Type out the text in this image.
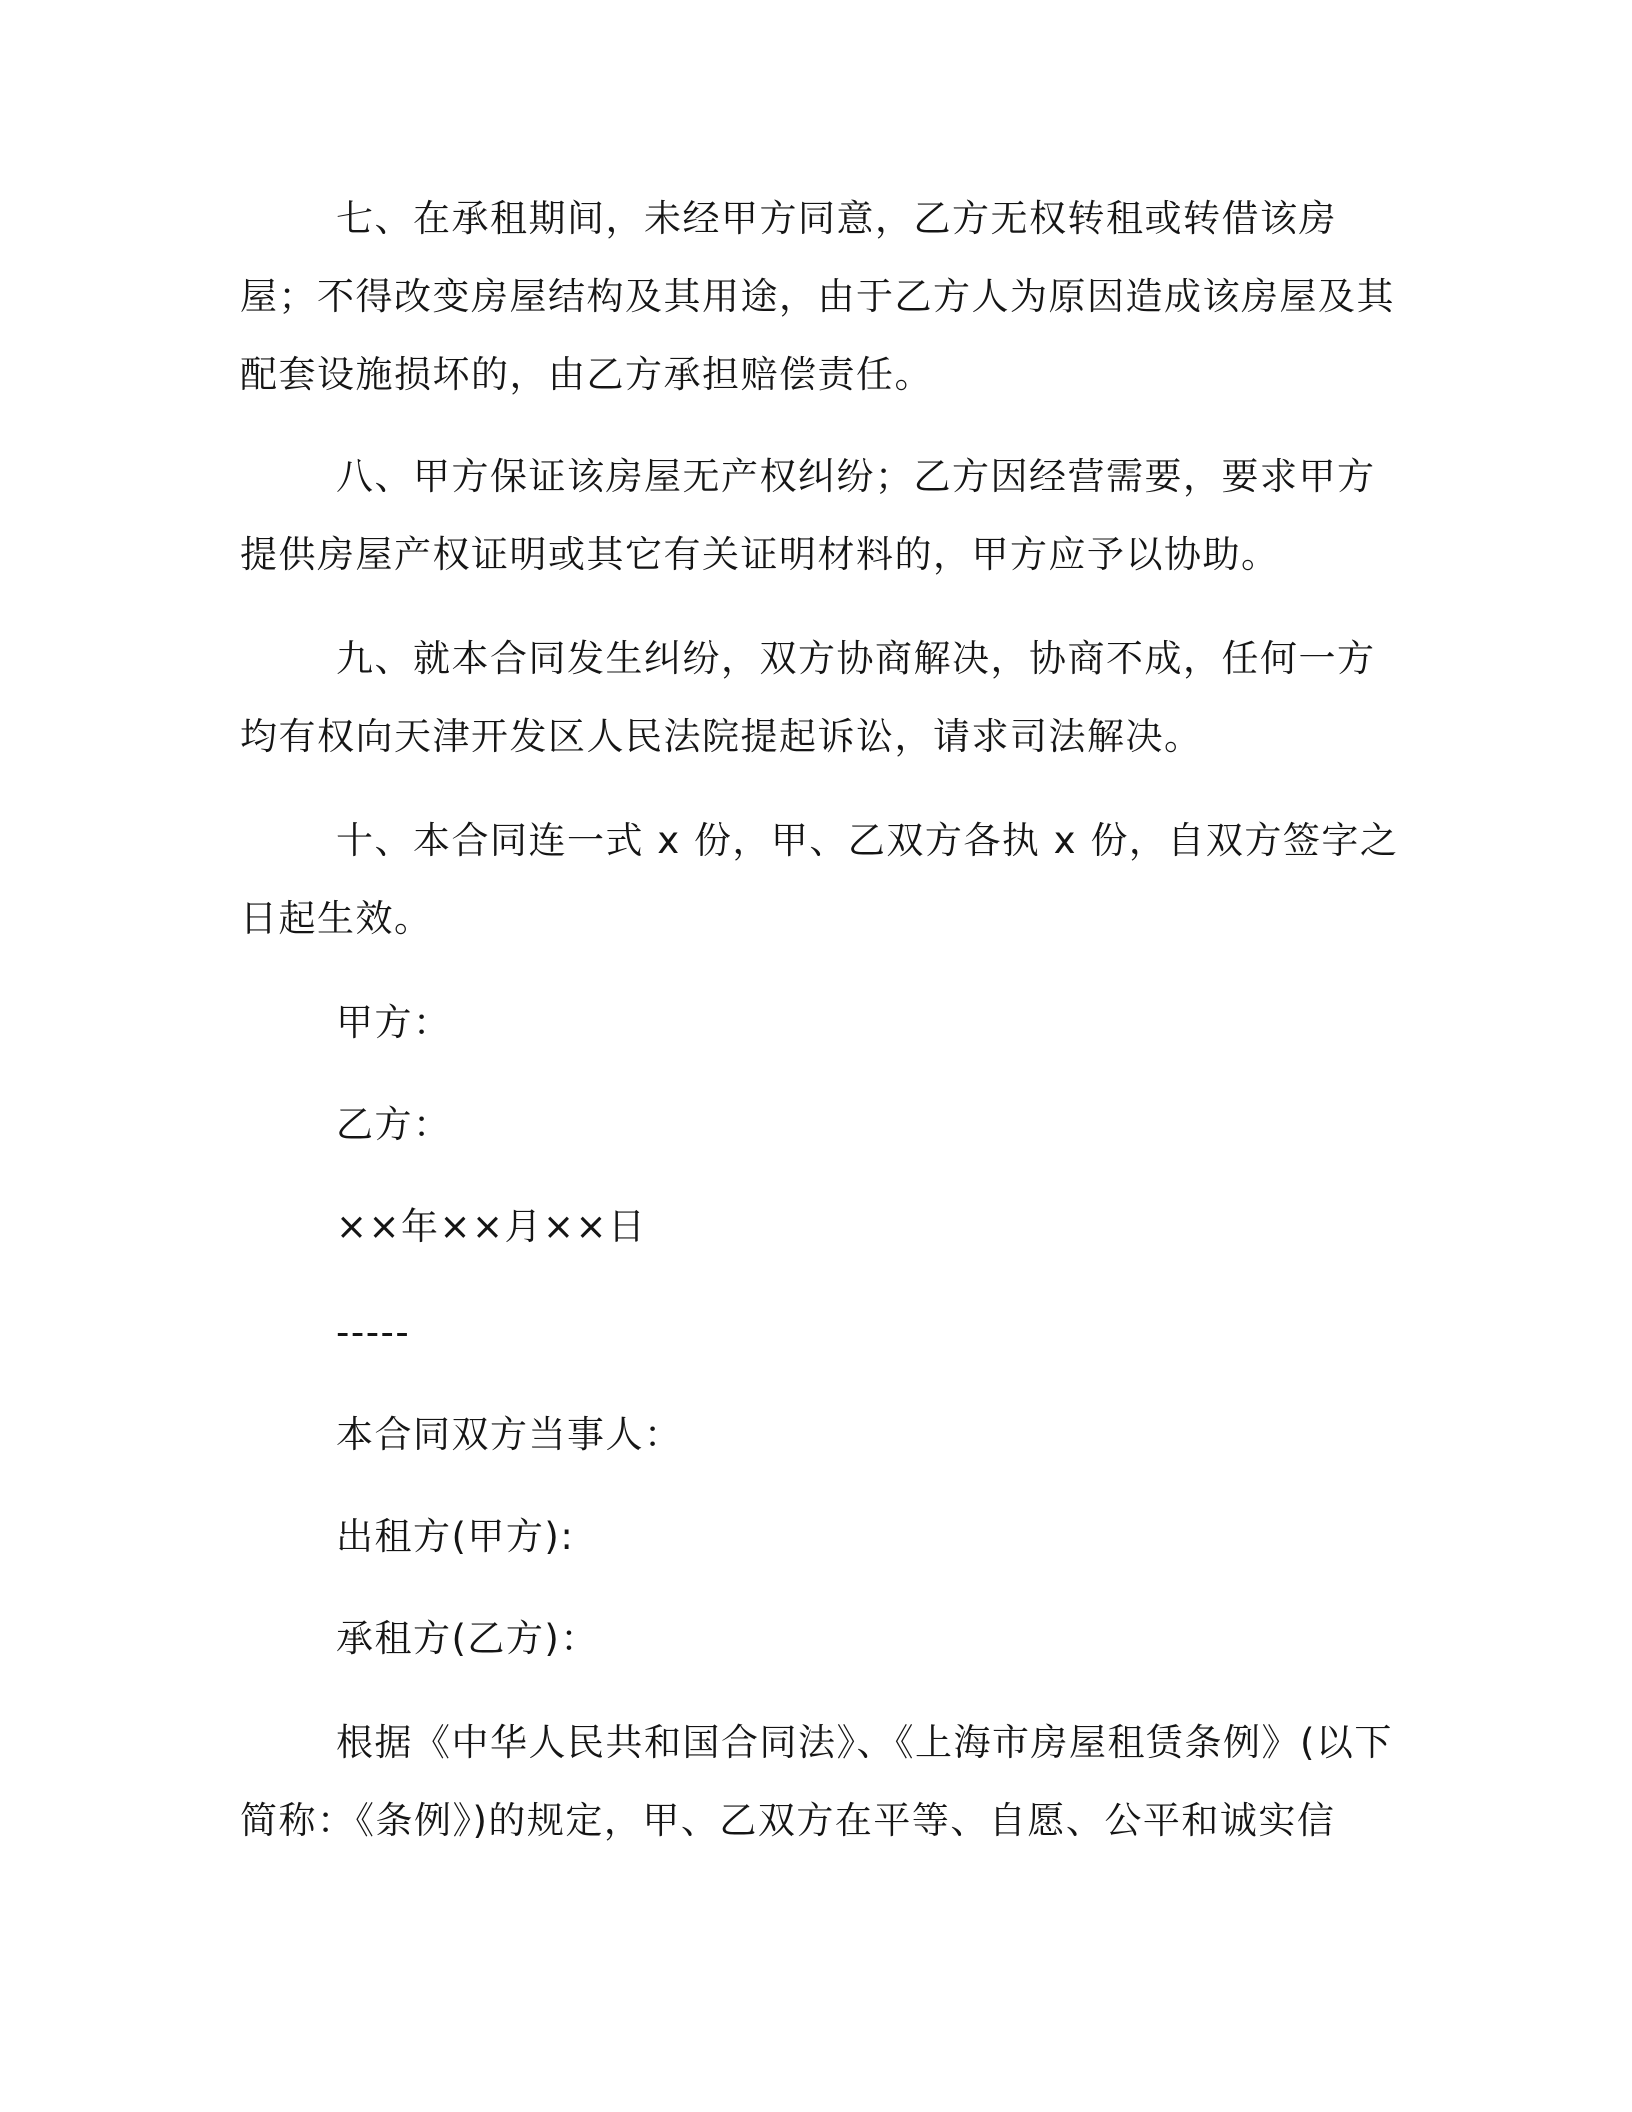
七、在承租期间，未经甲方同意，乙方无权转租或转借该房屋；不得改变房屋结构及其用途，由于乙方人为原因造成该房屋及其配套设施损坏的，由乙方承担赔偿责任。

八、甲方保证该房屋无产权纠纷；乙方因经营需要，要求甲方提供房屋产权证明或其它有关证明材料的，甲方应予以协助。

九、就本合同发生纠纷，双方协商解决，协商不成，任何一方均有权向天津开发区人民法院提起诉讼，请求司法解决。

十、本合同连一式 x 份，甲、乙双方各执 x 份，自双方签字之日起生效。

甲方：

乙方：

××年××月××日

-----

本合同双方当事人：

出租方(甲方):

承租方(乙方)：

根据《中华人民共和国合同法》、《上海市房屋租赁条例》(以下简称：《条例》)的规定，甲、乙双方在平等、自愿、公平和诚实信
